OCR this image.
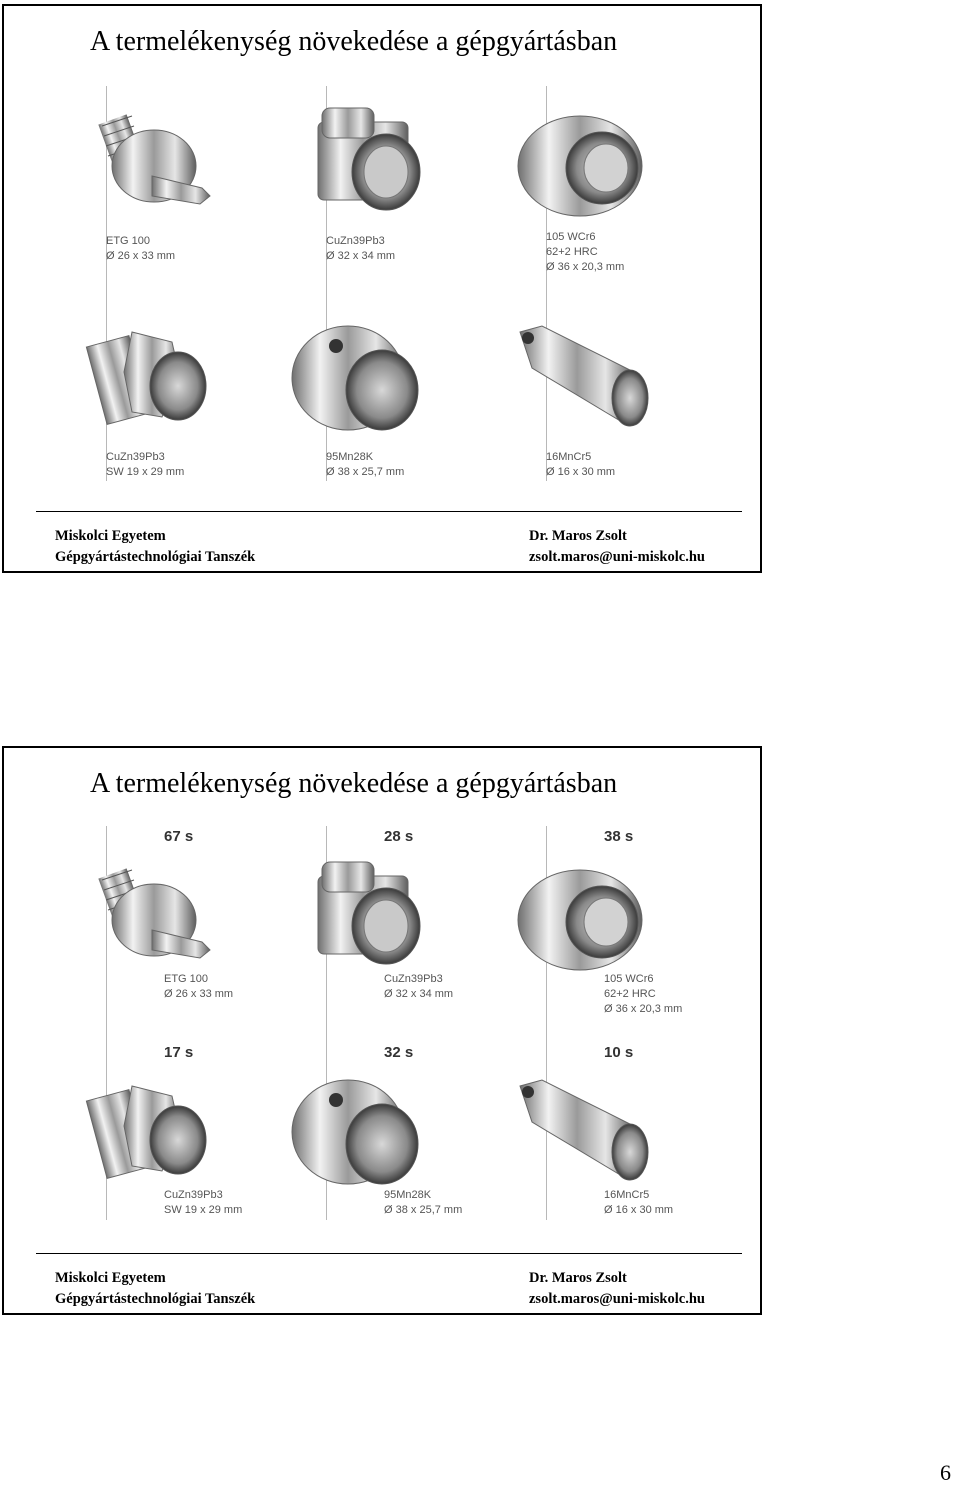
A termelékenység növekedése a gépgyártásban
ETG 100
Ø 26 x 33 mm
CuZn39Pb3
Ø 32 x 34 mm
105 WCr6
62+2 HRC
Ø 36 x 20,3 mm
CuZn39Pb3
SW 19 x 29 mm
95Mn28K
Ø 38 x 25,7 mm
16MnCr5
Ø 16 x 30 mm
Miskolci Egyetem
Gépgyártástechnológiai Tanszék
Dr. Maros Zsolt
zsolt.maros@uni-miskolc.hu
A termelékenység növekedése a gépgyártásban
67 s
ETG 100
Ø 26 x 33 mm
28 s
CuZn39Pb3
Ø 32 x 34 mm
38 s
105 WCr6
62+2 HRC
Ø 36 x 20,3 mm
17 s
CuZn39Pb3
SW 19 x 29 mm
32 s
95Mn28K
Ø 38 x 25,7 mm
10 s
16MnCr5
Ø 16 x 30 mm
Miskolci Egyetem
Gépgyártástechnológiai Tanszék
Dr. Maros Zsolt
zsolt.maros@uni-miskolc.hu
6
